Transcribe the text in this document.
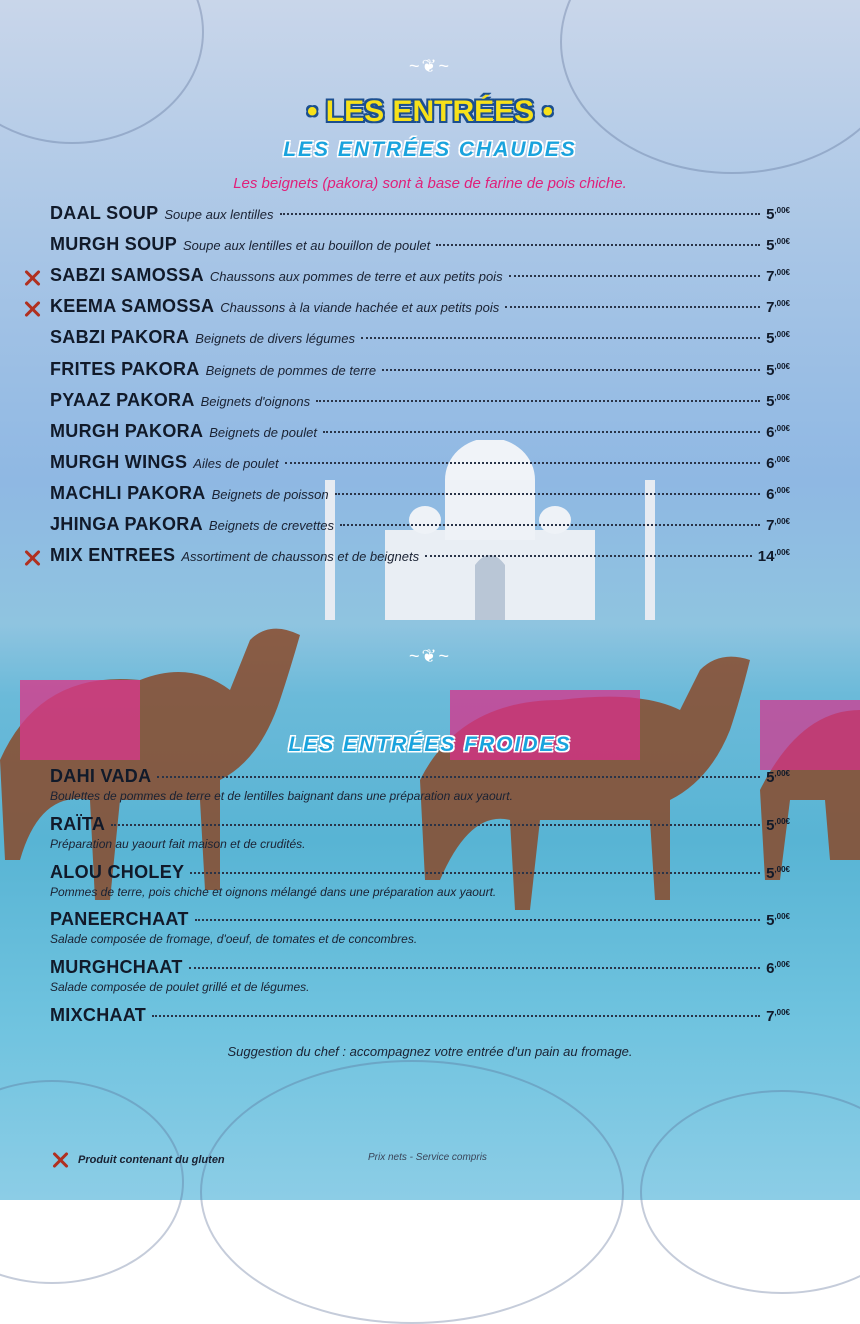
~❦~
• LES ENTRÉES •
LES ENTRÉES CHAUDES
Les beignets (pakora) sont à base de farine de pois chiche.
DAAL SOUP Soupe aux lentilles	$5^{,00€}$
MURGH SOUP Soupe aux lentilles et au bouillon de poulet	$5^{,00€}$
SABZI SAMOSSA Chaussons aux pommes de terre et aux petits pois	$7^{,00€}$
KEEMA SAMOSSA Chaussons à la viande hachée et aux petits pois	$7^{,00€}$
SABZI PAKORA Beignets de divers légumes	$5^{,00€}$
FRITES PAKORA Beignets de pommes de terre	$5^{,00€}$
PYAAZ PAKORA Beignets d'oignons	$5^{,00€}$
MURGH PAKORA Beignets de poulet	$6^{,00€}$
MURGH WINGS Ailes de poulet	$6^{,00€}$
MACHLI PAKORA Beignets de poisson	$6^{,00€}$
JHINGA PAKORA Beignets de crevettes	$7^{,00€}$
MIX ENTREES Assortiment de chaussons et de beignets	$14^{,00€}$
~❦~
LES ENTRÉES FROIDES
DAHI VADA	$5^{,00€}$
Boulettes de pommes de terre et de lentilles baignant dans une préparation aux yaourt.
RAÏTA	$5^{,00€}$
Préparation au yaourt fait maison et de crudités.
ALOU CHOLEY	$5^{,00€}$
Pommes de terre, pois chiche et oignons mélangé dans une préparation aux yaourt.
PANEERCHAAT	$5^{,00€}$
Salade composée de fromage, d'oeuf, de tomates et de concombres.
MURGHCHAAT	$6^{,00€}$
Salade composée de poulet grillé et de légumes.
MIXCHAAT	$7^{,00€}$
Suggestion du chef : accompagnez votre entrée d'un pain au fromage.
Produit contenant du gluten	Prix nets - Service compris
